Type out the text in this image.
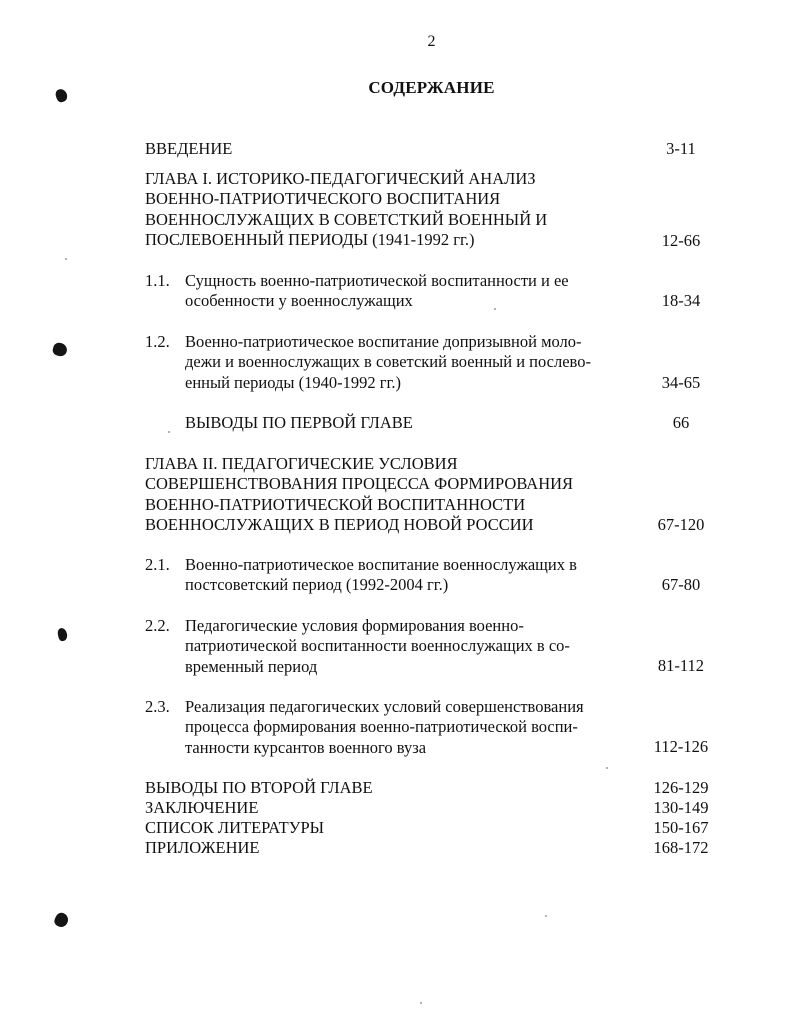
2
СОДЕРЖАНИЕ
ВВЕДЕНИЕ	3-11
ГЛАВА I. ИСТОРИКО-ПЕДАГОГИЧЕСКИЙ АНАЛИЗ
ВОЕННО-ПАТРИОТИЧЕСКОГО ВОСПИТАНИЯ
ВОЕННОСЛУЖАЩИХ В СОВЕТСТКИЙ ВОЕННЫЙ И
ПОСЛЕВОЕННЫЙ ПЕРИОДЫ (1941-1992 гг.)	12-66
1.1. Сущность военно-патриотической воспитанности и ее
особенности у военнослужащих	18-34
1.2. Военно-патриотическое воспитание допризывной моло-
дежи и военнослужащих в советский военный и послево-
енный периоды (1940-1992 гг.)	34-65
ВЫВОДЫ ПО ПЕРВОЙ ГЛАВЕ	66
ГЛАВА II. ПЕДАГОГИЧЕСКИЕ УСЛОВИЯ
СОВЕРШЕНСТВОВАНИЯ ПРОЦЕССА ФОРМИРОВАНИЯ
ВОЕННО-ПАТРИОТИЧЕСКОЙ ВОСПИТАННОСТИ
ВОЕННОСЛУЖАЩИХ В ПЕРИОД НОВОЙ РОССИИ	67-120
2.1. Военно-патриотическое воспитание военнослужащих в
постсоветский период (1992-2004 гг.)	67-80
2.2. Педагогические условия формирования военно-
патриотической воспитанности военнослужащих в со-
временный период	81-112
2.3. Реализация педагогических условий совершенствования
процесса формирования военно-патриотической воспи-
танности курсантов военного вуза	112-126
ВЫВОДЫ ПО ВТОРОЙ ГЛАВЕ	126-129
ЗАКЛЮЧЕНИЕ	130-149
СПИСОК ЛИТЕРАТУРЫ	150-167
ПРИЛОЖЕНИЕ	168-172
